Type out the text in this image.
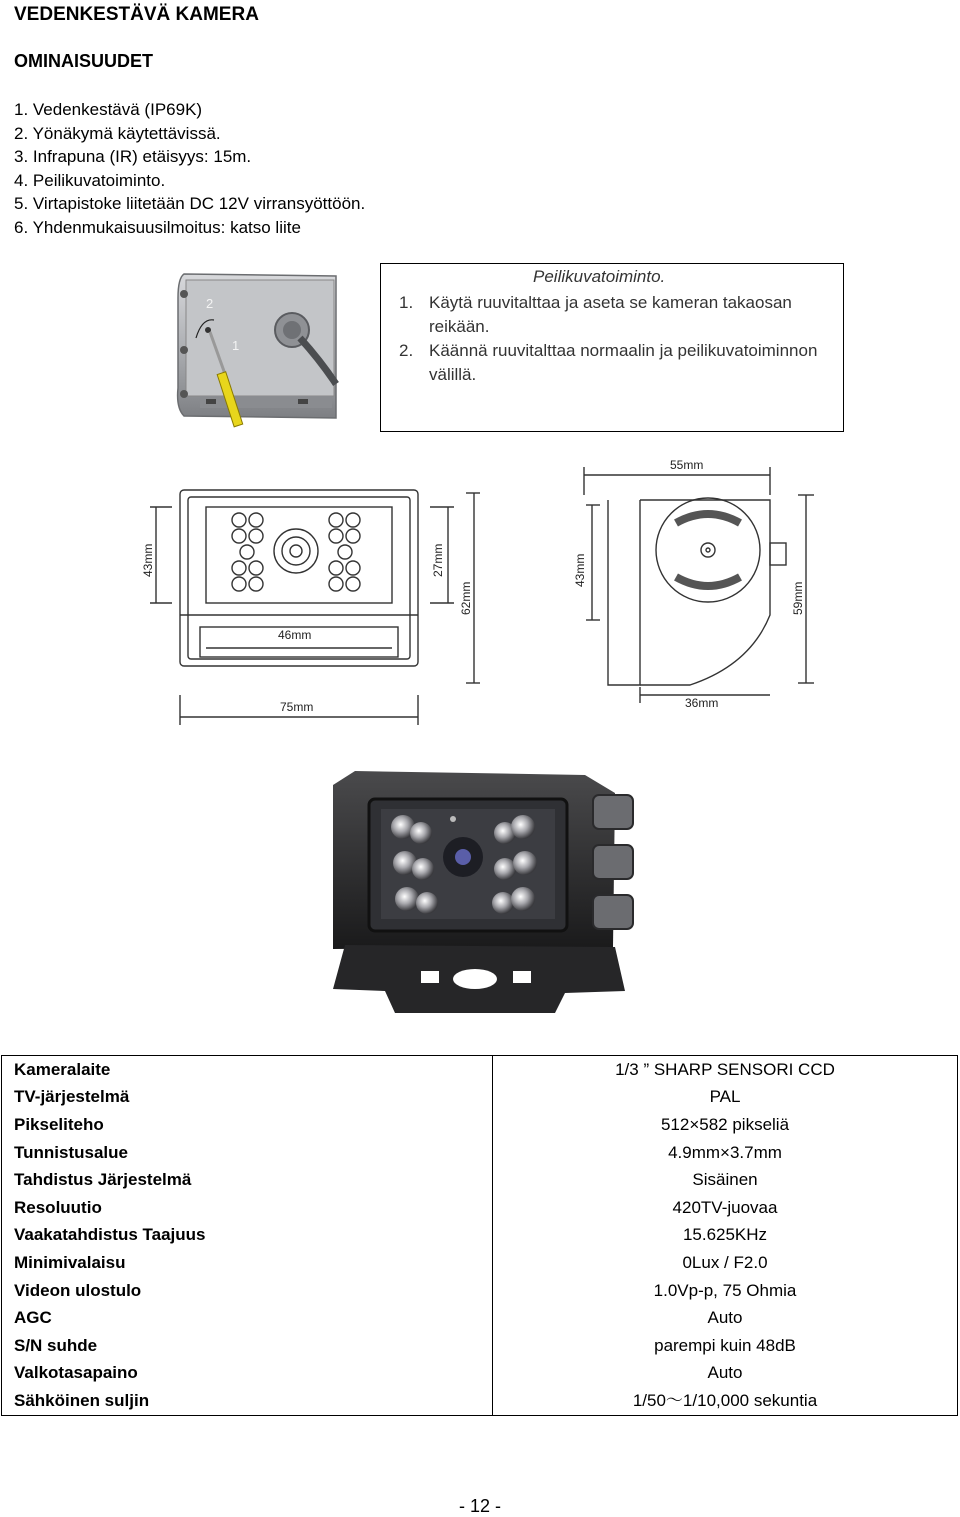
VEDENKESTÄVÄ KAMERA
OMINAISUUDET
1. Vedenkestävä (IP69K)
2. Yönäkymä käytettävissä.
3. Infrapuna (IR) etäisyys: 15m.
4. Peilikuvatoiminto.
5. Virtapistoke liitetään DC 12V virransyöttöön.
6. Yhdenmukaisuusilmoitus: katso liite
2
1
Peilikuvatoiminto.
1. Käytä ruuvitalttaa ja aseta se kameran takaosan reikään.
2. Käännä ruuvitalttaa normaalin ja peilikuvatoiminnon välillä.
43mm	27mm
62mm
46mm
75mm
55mm
43mm
59mm
36mm
Kameralaite	1/3 ” SHARP SENSORI CCD
TV-järjestelmä	PAL
Pikseliteho	512×582 pikseliä
Tunnistusalue	4.9mm×3.7mm
Tahdistus Järjestelmä	Sisäinen
Resoluutio	420TV-juovaa
Vaakatahdistus Taajuus	15.625KHz
Minimivalaisu	0Lux / F2.0
Videon ulostulo	1.0Vp-p, 75 Ohmia
AGC	Auto
S/N suhde	parempi kuin 48dB
Valkotasapaino	Auto
Sähköinen suljin	1/50～1/10,000 sekuntia
- 12 -
